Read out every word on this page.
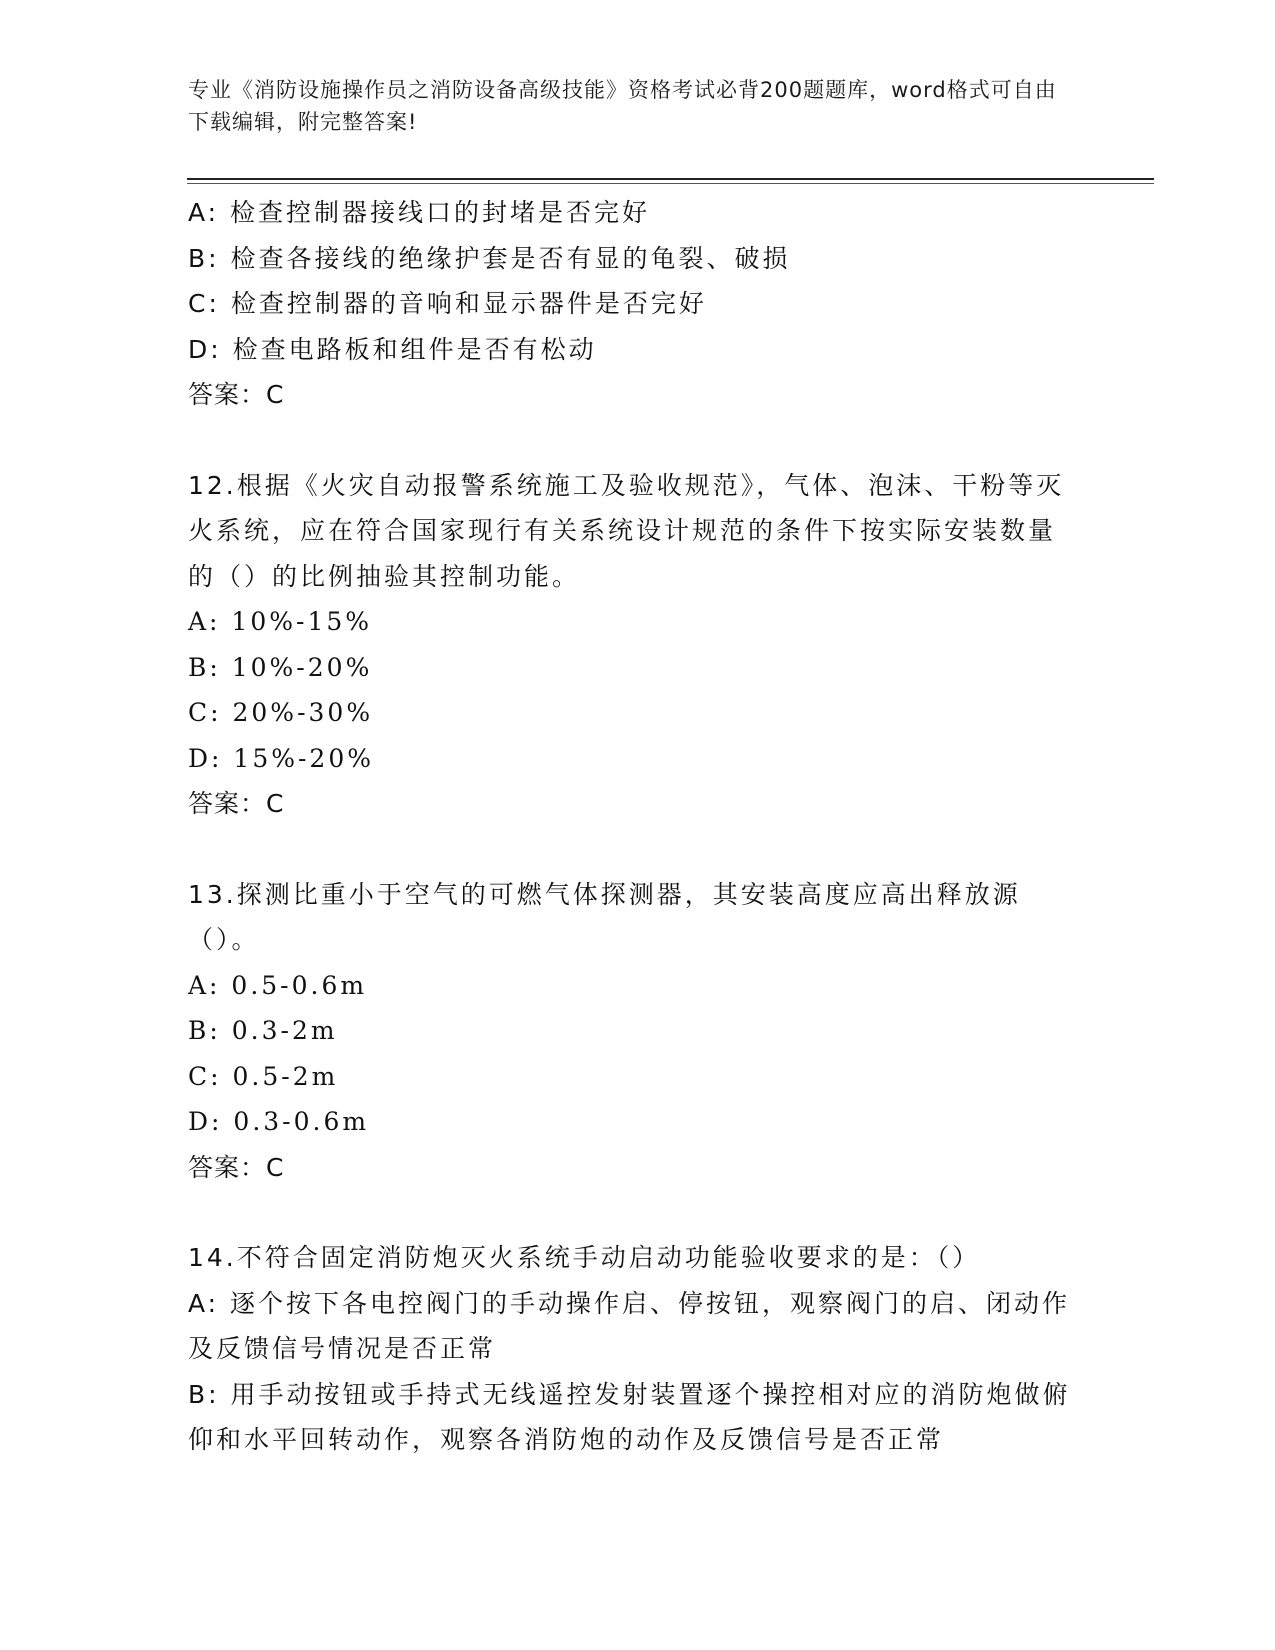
专业《消防设施操作员之消防设备高级技能》资格考试必背200题题库，word格式可自由下载编辑，附完整答案!

A: 检查控制器接线口的封堵是否完好

B: 检查各接线的绝缘护套是否有显的龟裂、破损

C: 检查控制器的音响和显示器件是否完好

D: 检查电路板和组件是否有松动

答案：C

12.根据《火灾自动报警系统施工及验收规范》，气体、泡沫、干粉等灭火系统，应在符合国家现行有关系统设计规范的条件下按实际安装数量的（）的比例抽验其控制功能。

A: 10%-15%

B: 10%-20%

C: 20%-30%

D: 15%-20%

答案：C

13.探测比重小于空气的可燃气体探测器，其安装高度应高出释放源（）。

A: 0.5-0.6m

B: 0.3-2m

C: 0.5-2m

D: 0.3-0.6m

答案：C

14.不符合固定消防炮灭火系统手动启动功能验收要求的是：（）

A: 逐个按下各电控阀门的手动操作启、停按钮，观察阀门的启、闭动作及反馈信号情况是否正常

B: 用手动按钮或手持式无线遥控发射装置逐个操控相对应的消防炮做俯仰和水平回转动作，观察各消防炮的动作及反馈信号是否正常
